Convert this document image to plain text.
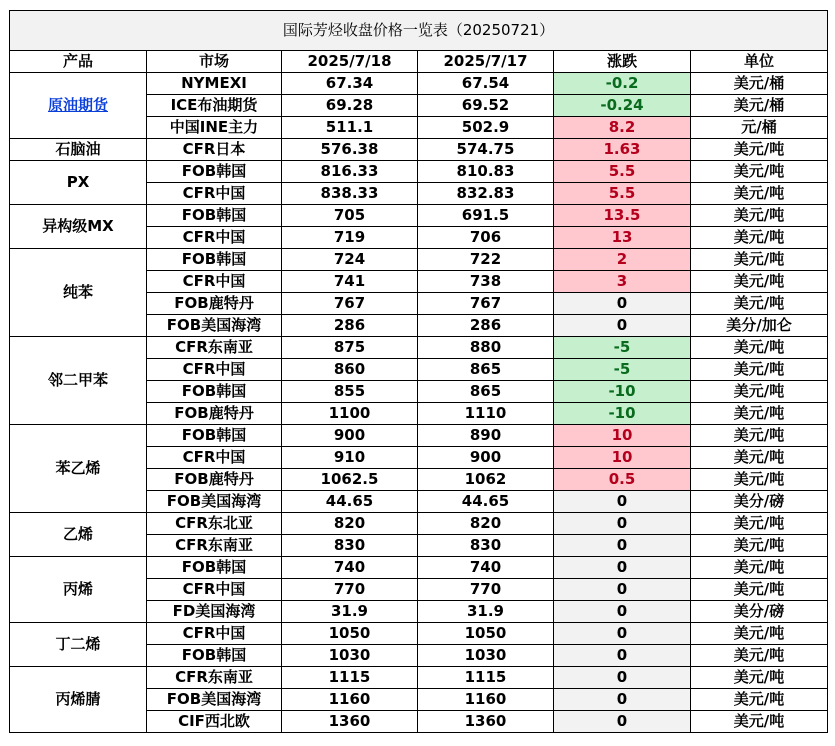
国际芳烃收盘价格一览表（20250721）					
产品	市场	2025/7/18	2025/7/17	涨跌	单位
原油期货	NYMEXI	67.34	67.54	-0.2	美元/桶
	ICE布油期货	69.28	69.52	-0.24	美元/桶
	中国INE主力	511.1	502.9	8.2	元/桶
石脑油	CFR日本	576.38	574.75	1.63	美元/吨
PX	FOB韩国	816.33	810.83	5.5	美元/吨
	CFR中国	838.33	832.83	5.5	美元/吨
异构级MX	FOB韩国	705	691.5	13.5	美元/吨
	CFR中国	719	706	13	美元/吨
纯苯	FOB韩国	724	722	2	美元/吨
	CFR中国	741	738	3	美元/吨
	FOB鹿特丹	767	767	0	美元/吨
	FOB美国海湾	286	286	0	美分/加仑
邻二甲苯	CFR东南亚	875	880	-5	美元/吨
	CFR中国	860	865	-5	美元/吨
	FOB韩国	855	865	-10	美元/吨
	FOB鹿特丹	1100	1110	-10	美元/吨
苯乙烯	FOB韩国	900	890	10	美元/吨
	CFR中国	910	900	10	美元/吨
	FOB鹿特丹	1062.5	1062	0.5	美元/吨
	FOB美国海湾	44.65	44.65	0	美分/磅
乙烯	CFR东北亚	820	820	0	美元/吨
	CFR东南亚	830	830	0	美元/吨
丙烯	FOB韩国	740	740	0	美元/吨
	CFR中国	770	770	0	美元/吨
	FD美国海湾	31.9	31.9	0	美分/磅
丁二烯	CFR中国	1050	1050	0	美元/吨
	FOB韩国	1030	1030	0	美元/吨
丙烯腈	CFR东南亚	1115	1115	0	美元/吨
	FOB美国海湾	1160	1160	0	美元/吨
	CIF西北欧	1360	1360	0	美元/吨
